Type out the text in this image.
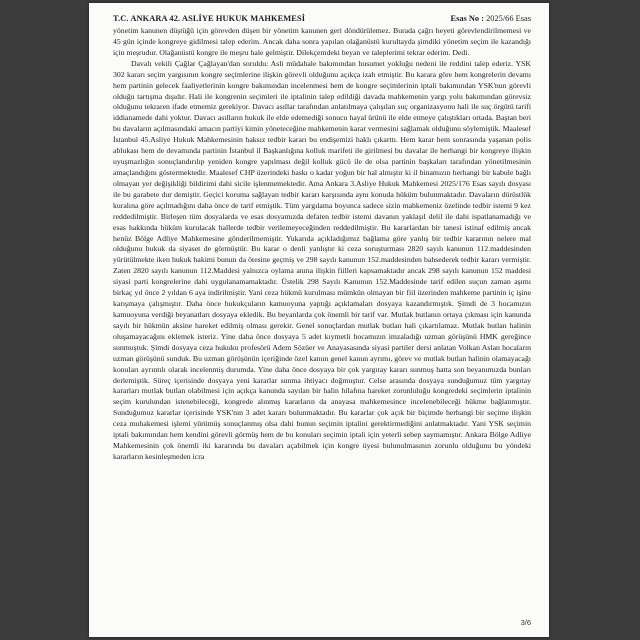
T.C. ANKARA 42. ASLİYE HUKUK MAHKEMESİ	Esas No : 2025/66 Esas

yönetim kanunen düştüğü için görevden düşen bir yönetim kanunen geri döndürülemez. Burada çağrı heyeti görevlendirilmemesi ve 45 gün içinde kongreye gidilmesi talep ederim. Ancak daha sonra yapılan olağanüstü kurultayda şimdiki yönetim seçim ile kazandığı için meşrudur. Olağanüstü kongre ile meşru hale gelmiştir. Dilekçemdeki beyan ve taleplerimi tekrar ederim. Dedi.

Davalı vekili Çağlar Çağlayan'dan soruldu: Asli müdahale bakımından husumet yokluğu nedeni ile reddini talep ederiz. YSK 302 kararı seçim yargısının kongre seçimlerine ilişkin görevli olduğunu açıkça izah etmiştir. Bu karara göre hem kongrelerin devamı hem partinin gelecek faaliyetlerinin kongre bakımından incelenmesi hem de kongre seçimlerinin iptali bakımından YSK'nun görevli olduğu tartışma dışıdır. Hali ile kongrenin seçimleri ile iptalinin talep edildiği davada mahkemenin yargı yolu bakımından görevsiz olduğunu tekraren ifade etmemiz gerekiyor. Davacı asıllar tarafından anlatılmaya çalışılan suç organizasyonu hali ile suç örgütü tarifi iddianamede dahi yoktur. Davacı asılların hukuk ile elde edemediği sonucu hayal ürünü ile elde etmeye çalıştıkları ortada. Baştan beri bu davaların açılmasındaki amacın partiyi kimin yöneteceğine mahkemenin karar vermesini sağlamak olduğunu söylemiştik. Maalesef İstanbul 45.Asliye Hukuk Mahkemesinin haksız tedbir kararı bu endişemizi haklı çıkarttı. Hem karar hem sonrasında yaşanan polis ablukası hem de devamında partinin İstanbul il Başkanlığına kolluk marifeti ile girilmesi bu davalar ile herhangi bir kongreye ilişkin uyuşmazlığın sonuçlandırılıp yeniden kongre yapılması değil kolluk gücü ile de olsa partinin başkaları tarafından yönetilmesinin amaçlandığını göstermektedir. Maalesef CHP üzerindeki baskı o kadar yoğun bir hal almıştır ki il binamızın herhangi bir kabule bağlı olmayan yer değişikliği bildirimi dahi sicile işlenmemektedir. Ama Ankara 3.Asliye Hukuk Mahkemesi 2025/176 Esas sayılı dosyası ile bu garabete dur demiştir. Geçici koruma sağlayan tedbir kararı karşısında aynı konuda hüküm bulunmaktadır. Davaların dürüstlük kuralına göre açılmadığını daha önce de tarif etmiştik. Tüm yargılama boyunca sadece sizin mahkemeniz özelinde tedbir istemi 9 kez reddedilmiştir. Birleşen tüm dosyalarda ve esas dosyamızda defaten tedbir istemi davanın yaklaşıl delil ile dahi ispatlanamadığı ve esas hakkında hüküm kurulacak hallerde tedbir verilemeyeceğinden reddedilmiştir. Bu kararlardan bir tanesi istinaf edilmiş ancak henüz Bölge Adliye Mahkemesine gönderilmemiştir. Yukarıda açıkladığımız bağlama göre yanlış bir tedbir kararının nelere mal olduğunu hukuk da siyaset de görmüştür. Bu karar o denli yanlıştır ki ceza soruşturması 2820 sayılı kanunun 112.maddesinden yürütülmekte iken hukuk hakimi bunun da ötesine geçmiş ve 298 sayılı kanunun 152.maddesinden bahsederek tedbir kararı vermiştir. Zaten 2820 sayılı kanunun 112.Maddesi yalnızca oylama anına ilişkin fiilleri kapsamaktadır ancak 298 sayılı kanunun 152 maddesi siyasi parti kongrelerine dahi uygulanamamaktadır. Üstelik 298 Sayılı Kanunun 152.Maddesinde tarif edilen suçun zaman aşımı birkaç yıl önce 2 yıldan 6 aya indirilmiştir. Yani ceza hükmü kurulması mümkün olmayan bir fiil üzerinden mahkeme partinin iç işine karışmaya çalışmıştır. Daha önce hukukçuların kamuoyuna yaptığı açıklamaları dosyaya kazandırmıştık. Şimdi de 3 hocamızın kamuoyuna verdiği beyanatları dosyaya ekledik. Bu beyanlarda çok önemli bir tarif var. Mutlak butlanın ortaya çıkması için kanunda sayılı bir hükmün aksine hareket edilmiş olması gerekir. Genel sonuçlardan mutlak butlan hali çıkartılamaz. Mutlak butlan halinin oluşamayacağını eklemek isteriz. Yine daha önce dosyaya 5 adet kıymetli hocamızın imzaladığı uzman görüşünü HMK gereğince sunmuştuk. Şimdi dosyaya ceza hukuku profesörü Adem Sözüer ve Anayasasında siyasi partiler dersi anlatan Volkan Aslan hocaların uzman görüşünü sunduk. Bu uzman görüşünün içeriğinde özel kanun genel kanun ayrımı, görev ve mutlak butlan halinin olamayacağı konuları ayrıntılı olarak incelenmiş durumda. Yine daha önce dosyaya bir çok yargıtay kararı sunmuş hatta son beyanımızda bunları derlemiştik. Süreç içerisinde dosyaya yeni kararlar sunma ihtiyacı doğmuştur. Celse arasında dosyaya sunduğumuz tüm yargıtay kararları mutlak butlan olabilmesi için açıkça kanunda sayılan bir halin hilafına hareket zorunluluğu kongredeki seçimlerin iptalinin seçim kurulundan istenebileceği, kongrede alınmış kararların da anayasa mahkemesince incelenebileceği hükme bağlanmıştır. Sunduğumuz kararlar içerisinde YSK'nın 3 adet kararı bulunmaktadır. Bu kararlar çok açık bir biçimde herhangi bir seçime ilişkin ceza muhakemesi işlemi yürümüş sonuçlanmış olsa dahi bunun seçimin iptalini gerektirmediğini anlatmaktadır. Yani YSK seçimin iptali bakımından hem kendini görevli görmüş hem de bu konuları seçimin iptali için yeterli sebep saymamıştır. Ankara Bölge Adliye Mahkemesinin çok önemli iki kararında bu davaları açabilmek için kongre üyesi bulunulmasının zorunlu olduğunu bu yöndeki kararların kesinleşmeden icra

3/6
